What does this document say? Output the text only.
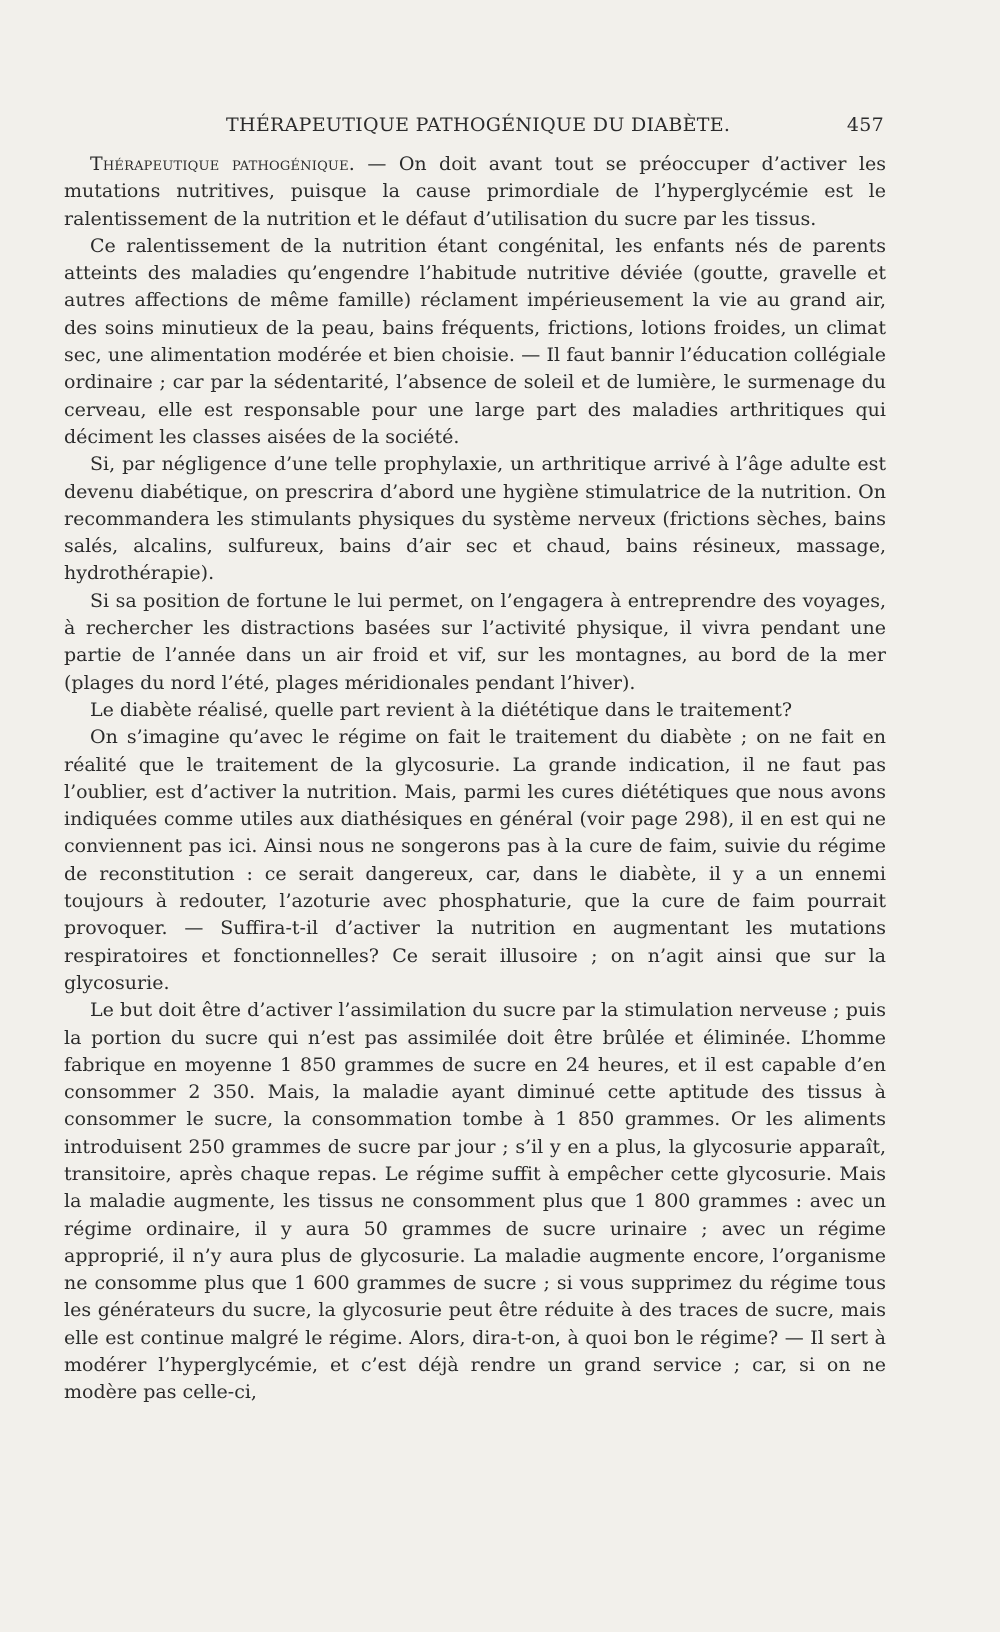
THÉRAPEUTIQUE PATHOGÉNIQUE DU DIABÈTE.	457

Thérapeutique pathogénique. — On doit avant tout se préoccuper d’activer les mutations nutritives, puisque la cause primordiale de l’hyperglycémie est le ralentissement de la nutrition et le défaut d’utilisation du sucre par les tissus.

Ce ralentissement de la nutrition étant congénital, les enfants nés de parents atteints des maladies qu’engendre l’habitude nutritive déviée (goutte, gravelle et autres affections de même famille) réclament impérieusement la vie au grand air, des soins minutieux de la peau, bains fréquents, frictions, lotions froides, un climat sec, une alimentation modérée et bien choisie. — Il faut bannir l’éducation collégiale ordinaire ; car par la sédentarité, l’absence de soleil et de lumière, le surmenage du cerveau, elle est responsable pour une large part des maladies arthritiques qui déciment les classes aisées de la société.

Si, par négligence d’une telle prophylaxie, un arthritique arrivé à l’âge adulte est devenu diabétique, on prescrira d’abord une hygiène stimulatrice de la nutrition. On recommandera les stimulants physiques du système nerveux (frictions sèches, bains salés, alcalins, sulfureux, bains d’air sec et chaud, bains résineux, massage, hydrothérapie).

Si sa position de fortune le lui permet, on l’engagera à entreprendre des voyages, à rechercher les distractions basées sur l’activité physique, il vivra pendant une partie de l’année dans un air froid et vif, sur les montagnes, au bord de la mer (plages du nord l’été, plages méridionales pendant l’hiver).

Le diabète réalisé, quelle part revient à la diététique dans le traitement?

On s’imagine qu’avec le régime on fait le traitement du diabète ; on ne fait en réalité que le traitement de la glycosurie. La grande indication, il ne faut pas l’oublier, est d’activer la nutrition. Mais, parmi les cures diététiques que nous avons indiquées comme utiles aux diathésiques en général (voir page 298), il en est qui ne conviennent pas ici. Ainsi nous ne songerons pas à la cure de faim, suivie du régime de reconstitution : ce serait dangereux, car, dans le diabète, il y a un ennemi toujours à redouter, l’azoturie avec phosphaturie, que la cure de faim pourrait provoquer. — Suffira-t-il d’activer la nutrition en augmentant les mutations respiratoires et fonctionnelles? Ce serait illusoire ; on n’agit ainsi que sur la glycosurie.

Le but doit être d’activer l’assimilation du sucre par la stimulation nerveuse ; puis la portion du sucre qui n’est pas assimilée doit être brûlée et éliminée. L’homme fabrique en moyenne 1 850 grammes de sucre en 24 heures, et il est capable d’en consommer 2 350. Mais, la maladie ayant diminué cette aptitude des tissus à consommer le sucre, la consommation tombe à 1 850 grammes. Or les aliments introduisent 250 grammes de sucre par jour ; s’il y en a plus, la glycosurie apparaît, transitoire, après chaque repas. Le régime suffit à empêcher cette glycosurie. Mais la maladie augmente, les tissus ne consomment plus que 1 800 grammes : avec un régime ordinaire, il y aura 50 grammes de sucre urinaire ; avec un régime approprié, il n’y aura plus de glycosurie. La maladie augmente encore, l’organisme ne consomme plus que 1 600 grammes de sucre ; si vous supprimez du régime tous les générateurs du sucre, la glycosurie peut être réduite à des traces de sucre, mais elle est continue malgré le régime. Alors, dira-t-on, à quoi bon le régime? — Il sert à modérer l’hyperglycémie, et c’est déjà rendre un grand service ; car, si on ne modère pas celle-ci,
